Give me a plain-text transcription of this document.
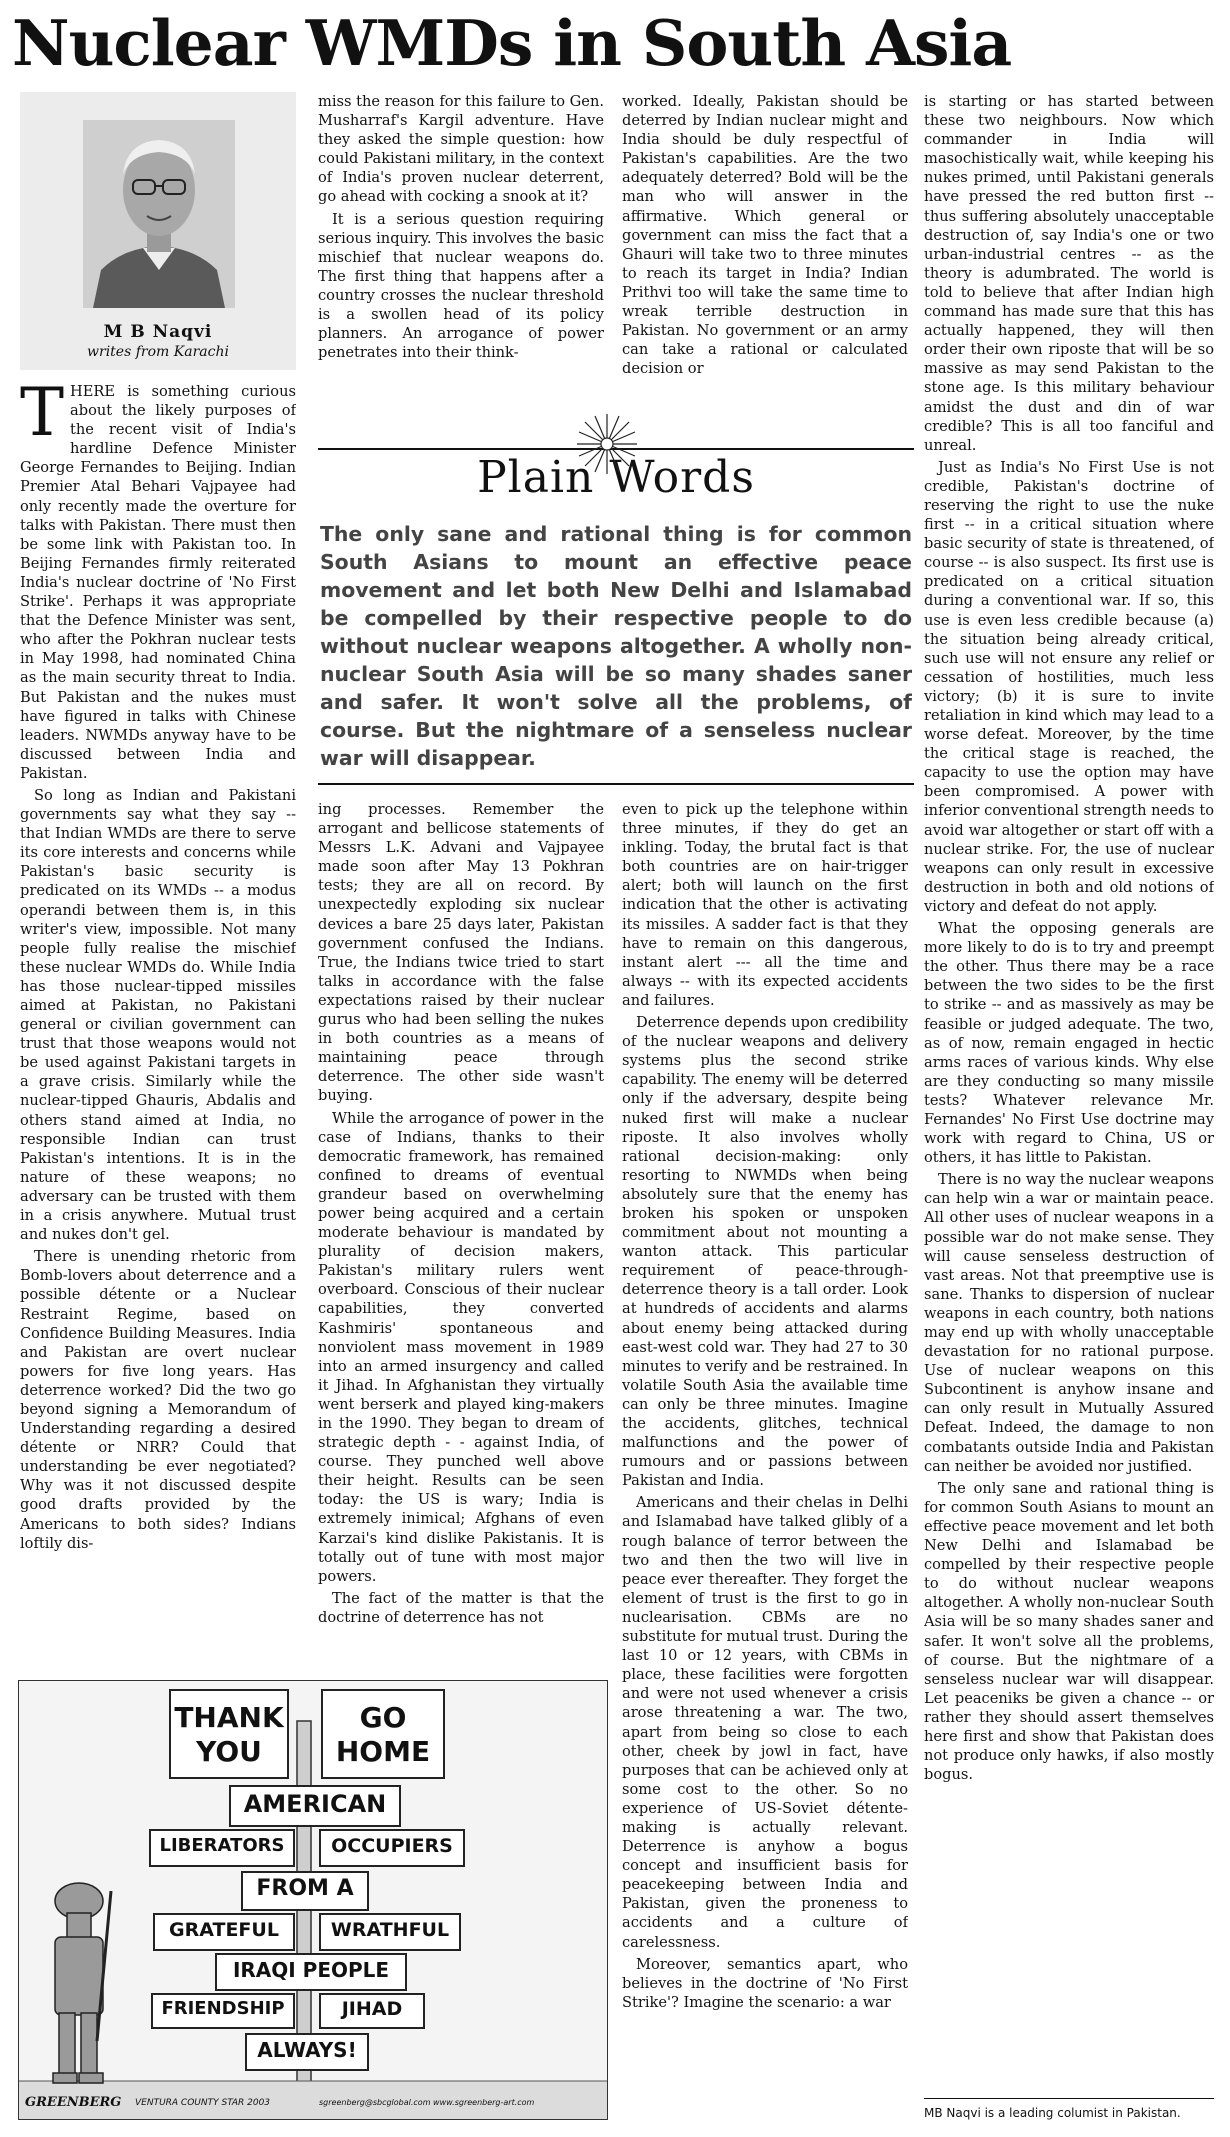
Nuclear WMDs in South Asia
M B Naqvi
writes from Karachi

THERE is something curious about the likely purposes of the recent visit of India's hardline Defence Minister George Fernandes to Beijing. Indian Premier Atal Behari Vajpayee had only recently made the overture for talks with Pakistan. There must then be some link with Pakistan too. In Beijing Fernandes firmly reiterated India's nuclear doctrine of 'No First Strike'. Perhaps it was appropriate that the Defence Minister was sent, who after the Pokhran nuclear tests in May 1998, had nominated China as the main security threat to India. But Pakistan and the nukes must have figured in talks with Chinese leaders. NWMDs anyway have to be discussed between India and Pakistan.

So long as Indian and Pakistani governments say what they say -- that Indian WMDs are there to serve its core interests and concerns while Pakistan's basic security is predicated on its WMDs -- a modus operandi between them is, in this writer's view, impossible. Not many people fully realise the mischief these nuclear WMDs do. While India has those nuclear-tipped missiles aimed at Pakistan, no Pakistani general or civilian government can trust that those weapons would not be used against Pakistani targets in a grave crisis. Similarly while the nuclear-tipped Ghauris, Abdalis and others stand aimed at India, no responsible Indian can trust Pakistan's intentions. It is in the nature of these weapons; no adversary can be trusted with them in a crisis anywhere. Mutual trust and nukes don't gel.

There is unending rhetoric from Bomb-lovers about deterrence and a possible détente or a Nuclear Restraint Regime, based on Confidence Building Measures. India and Pakistan are overt nuclear powers for five long years. Has deterrence worked? Did the two go beyond signing a Memorandum of Understanding regarding a desired détente or NRR? Could that understanding be ever negotiated? Why was it not discussed despite good drafts provided by the Americans to both sides? Indians loftily dis-

miss the reason for this failure to Gen. Musharraf's Kargil adventure. Have they asked the simple question: how could Pakistani military, in the context of India's proven nuclear deterrent, go ahead with cocking a snook at it?

It is a serious question requiring serious inquiry. This involves the basic mischief that nuclear weapons do. The first thing that happens after a country crosses the nuclear threshold is a swollen head of its policy planners. An arrogance of power penetrates into their think-

worked. Ideally, Pakistan should be deterred by Indian nuclear might and India should be duly respectful of Pakistan's capabilities. Are the two adequately deterred? Bold will be the man who will answer in the affirmative. Which general or government can miss the fact that a Ghauri will take two to three minutes to reach its target in India? Indian Prithvi too will take the same time to wreak terrible destruction in Pakistan. No government or an army can take a rational or calculated decision or

Plain Words
The only sane and rational thing is for common South Asians to mount an effective peace movement and let both New Delhi and Islamabad be compelled by their respective people to do without nuclear weapons altogether. A wholly non-nuclear South Asia will be so many shades saner and safer. It won't solve all the problems, of course. But the nightmare of a senseless nuclear war will disappear.

ing processes. Remember the arrogant and bellicose statements of Messrs L.K. Advani and Vajpayee made soon after May 13 Pokhran tests; they are all on record. By unexpectedly exploding six nuclear devices a bare 25 days later, Pakistan government confused the Indians. True, the Indians twice tried to start talks in accordance with the false expectations raised by their nuclear gurus who had been selling the nukes in both countries as a means of maintaining peace through deterrence. The other side wasn't buying.

While the arrogance of power in the case of Indians, thanks to their democratic framework, has remained confined to dreams of eventual grandeur based on overwhelming power being acquired and a certain moderate behaviour is mandated by plurality of decision makers, Pakistan's military rulers went overboard. Conscious of their nuclear capabilities, they converted Kashmiris' spontaneous and nonviolent mass movement in 1989 into an armed insurgency and called it Jihad. In Afghanistan they virtually went berserk and played king-makers in the 1990. They began to dream of strategic depth - - against India, of course. They punched well above their height. Results can be seen today: the US is wary; India is extremely inimical; Afghans of even Karzai's kind dislike Pakistanis. It is totally out of tune with most major powers.

The fact of the matter is that the doctrine of deterrence has not

even to pick up the telephone within three minutes, if they do get an inkling. Today, the brutal fact is that both countries are on hair-trigger alert; both will launch on the first indication that the other is activating its missiles. A sadder fact is that they have to remain on this dangerous, instant alert --- all the time and always -- with its expected accidents and failures.

Deterrence depends upon credibility of the nuclear weapons and delivery systems plus the second strike capability. The enemy will be deterred only if the adversary, despite being nuked first will make a nuclear riposte. It also involves wholly rational decision-making: only resorting to NWMDs when being absolutely sure that the enemy has broken his spoken or unspoken commitment about not mounting a wanton attack. This particular requirement of peace-through-deterrence theory is a tall order. Look at hundreds of accidents and alarms about enemy being attacked during east-west cold war. They had 27 to 30 minutes to verify and be restrained. In volatile South Asia the available time can only be three minutes. Imagine the accidents, glitches, technical malfunctions and the power of rumours and or passions between Pakistan and India.

Americans and their chelas in Delhi and Islamabad have talked glibly of a rough balance of terror between the two and then the two will live in peace ever thereafter. They forget the element of trust is the first to go in nuclearisation. CBMs are no substitute for mutual trust. During the last 10 or 12 years, with CBMs in place, these facilities were forgotten and were not used whenever a crisis arose threatening a war. The two, apart from being so close to each other, cheek by jowl in fact, have purposes that can be achieved only at some cost to the other. So no experience of US-Soviet détente-making is actually relevant. Deterrence is anyhow a bogus concept and insufficient basis for peacekeeping between India and Pakistan, given the proneness to accidents and a culture of carelessness.

Moreover, semantics apart, who believes in the doctrine of 'No First Strike'? Imagine the scenario: a war

is starting or has started between these two neighbours. Now which commander in India will masochistically wait, while keeping his nukes primed, until Pakistani generals have pressed the red button first -- thus suffering absolutely unacceptable destruction of, say India's one or two urban-industrial centres -- as the theory is adumbrated. The world is told to believe that after Indian high command has made sure that this has actually happened, they will then order their own riposte that will be so massive as may send Pakistan to the stone age. Is this military behaviour amidst the dust and din of war credible? This is all too fanciful and unreal.

Just as India's No First Use is not credible, Pakistan's doctrine of reserving the right to use the nuke first -- in a critical situation where basic security of state is threatened, of course -- is also suspect. Its first use is predicated on a critical situation during a conventional war. If so, this use is even less credible because (a) the situation being already critical, such use will not ensure any relief or cessation of hostilities, much less victory; (b) it is sure to invite retaliation in kind which may lead to a worse defeat. Moreover, by the time the critical stage is reached, the capacity to use the option may have been compromised. A power with inferior conventional strength needs to avoid war altogether or start off with a nuclear strike. For, the use of nuclear weapons can only result in excessive destruction in both and old notions of victory and defeat do not apply.

What the opposing generals are more likely to do is to try and preempt the other. Thus there may be a race between the two sides to be the first to strike -- and as massively as may be feasible or judged adequate. The two, as of now, remain engaged in hectic arms races of various kinds. Why else are they conducting so many missile tests? Whatever relevance Mr. Fernandes' No First Use doctrine may work with regard to China, US or others, it has little to Pakistan.

There is no way the nuclear weapons can help win a war or maintain peace. All other uses of nuclear weapons in a possible war do not make sense. They will cause senseless destruction of vast areas. Not that preemptive use is sane. Thanks to dispersion of nuclear weapons in each country, both nations may end up with wholly unacceptable devastation for no rational purpose. Use of nuclear weapons on this Subcontinent is anyhow insane and can only result in Mutually Assured Defeat. Indeed, the damage to non combatants outside India and Pakistan can neither be avoided nor justified.

The only sane and rational thing is for common South Asians to mount an effective peace movement and let both New Delhi and Islamabad be compelled by their respective people to do without nuclear weapons altogether. A wholly non-nuclear South Asia will be so many shades saner and safer. It won't solve all the problems, of course. But the nightmare of a senseless nuclear war will disappear. Let peaceniks be given a chance -- or rather they should assert themselves here first and show that Pakistan does not produce only hawks, if also mostly bogus.

THANK YOU
GO HOME
AMERICAN
LIBERATORS	OCCUPIERS
FROM A
GRATEFUL	WRATHFUL
IRAQI PEOPLE
FRIENDSHIP	JIHAD
ALWAYS!
GREENBERG VENTURA COUNTY STAR 2003	sgreenberg@sbcglobal.com www.sgreenberg-art.com
MB Naqvi is a leading columist in Pakistan.
